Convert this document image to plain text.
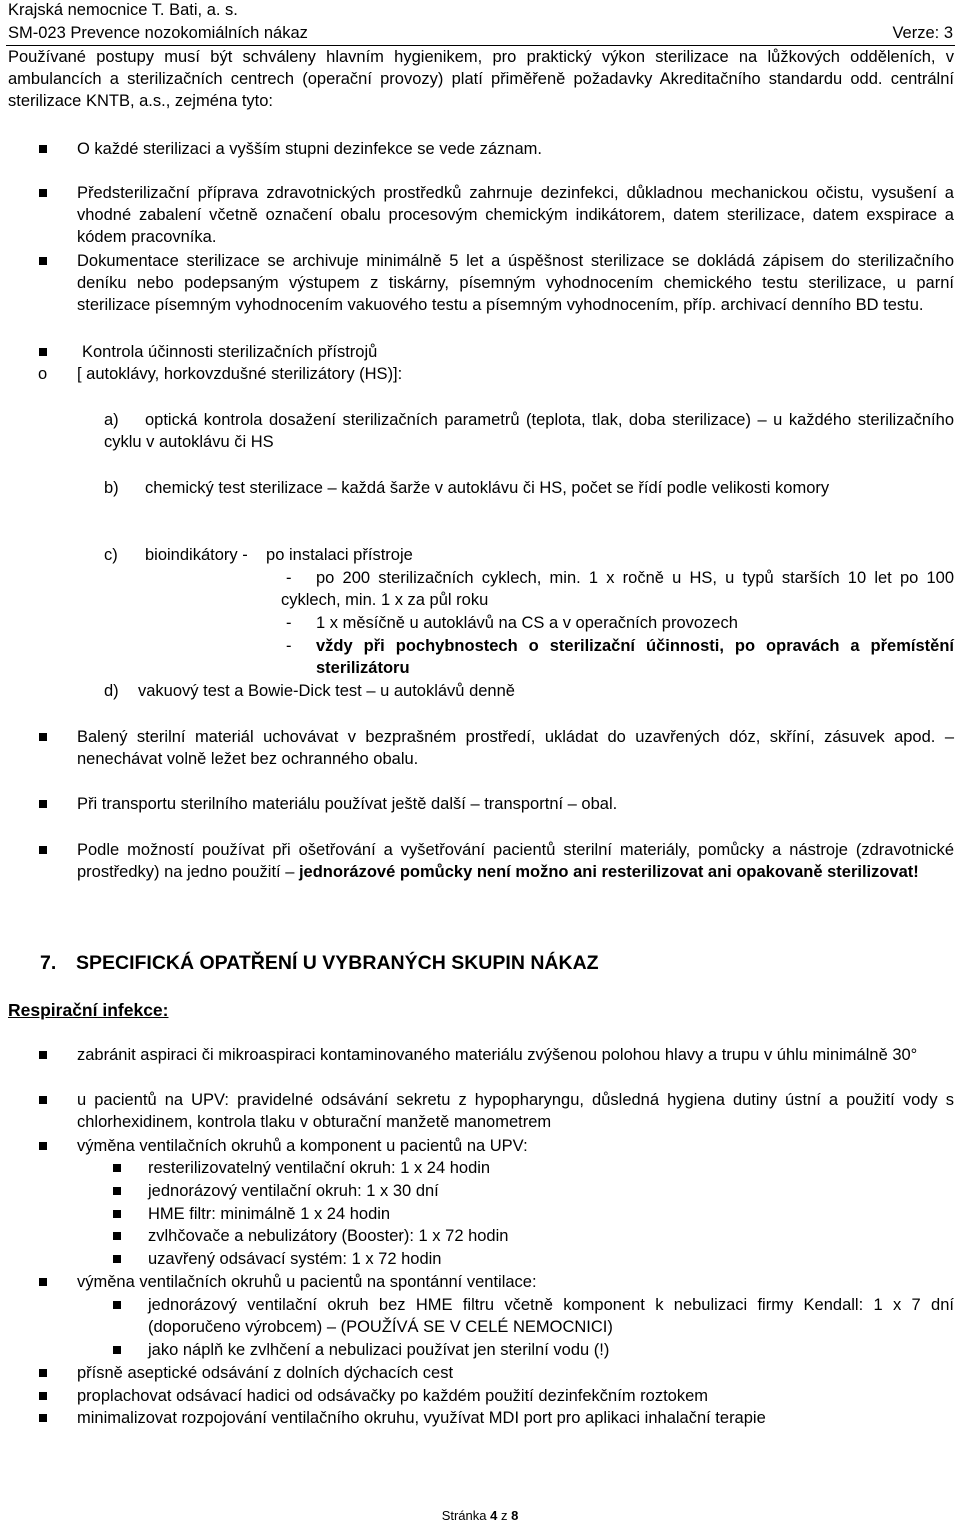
Krajská nemocnice T. Bati, a. s.
SM-023 Prevence nozokomiálních nákaz	Verze: 3
Používané postupy musí být schváleny hlavním hygienikem, pro praktický výkon sterilizace na lůžkových odděleních, v ambulancích a sterilizačních centrech (operační provozy) platí přiměřeně požadavky Akreditačního standardu odd. centrální sterilizace KNTB, a.s., zejména tyto:
O každé sterilizaci a vyšším stupni dezinfekce se vede záznam.
Předsterilizační příprava zdravotnických prostředků zahrnuje dezinfekci, důkladnou mechanickou očistu, vysušení a vhodné zabalení včetně označení obalu procesovým chemickým indikátorem, datem sterilizace, datem exspirace a kódem pracovníka.
Dokumentace sterilizace se archivuje minimálně 5 let a úspěšnost sterilizace se dokládá zápisem do sterilizačního deníku nebo podepsaným výstupem z tiskárny, písemným vyhodnocením chemického testu sterilizace, u parní sterilizace písemným vyhodnocením vakuového testu a písemným vyhodnocením, příp. archivací denního BD testu.
Kontrola účinnosti sterilizačních přístrojů
o [ autoklávy, horkovzdušné sterilizátory (HS)]:
a)	optická kontrola dosažení sterilizačních parametrů (teplota, tlak, doba sterilizace) – u každého sterilizačního cyklu v autoklávu či HS
b)	chemický test sterilizace – každá šarže v autoklávu či HS, počet se řídí podle velikosti komory
c) bioindikátory -    po instalaci přístroje
-	po 200 sterilizačních cyklech, min. 1 x ročně u HS, u typů starších 10 let po 100 cyklech, min. 1 x za půl roku
- 1 x měsíčně u autoklávů na CS a v operačních provozech
- vždy při pochybnostech o sterilizační účinnosti, po opravách a přemístění sterilizátoru
d) vakuový test a Bowie-Dick test – u autoklávů denně
Balený sterilní materiál uchovávat v bezprašném prostředí, ukládat do uzavřených dóz, skříní, zásuvek apod. – nenechávat volně ležet bez ochranného obalu.
Při transportu sterilního materiálu používat ještě další – transportní – obal.
Podle možností používat při ošetřování a vyšetřování pacientů sterilní materiály, pomůcky a nástroje (zdravotnické prostředky) na jedno použití – jednorázové pomůcky není možno ani resterilizovat ani opakovaně sterilizovat!
7. SPECIFICKÁ OPATŘENÍ U VYBRANÝCH SKUPIN NÁKAZ
Respirační infekce:
zabránit aspiraci či mikroaspiraci kontaminovaného materiálu zvýšenou polohou hlavy a trupu v úhlu minimálně 30°
u pacientů na UPV: pravidelné odsávání sekretu z hypopharyngu, důsledná hygiena dutiny ústní a použití vody s chlorhexidinem, kontrola tlaku v obturační manžetě manometrem
výměna ventilačních okruhů a komponent u pacientů na UPV:
resterilizovatelný ventilační okruh: 1 x 24 hodin
jednorázový ventilační okruh: 1 x 30 dní
HME filtr: minimálně 1 x 24 hodin
zvlhčovače a nebulizátory (Booster): 1 x 72 hodin
uzavřený odsávací systém: 1 x 72 hodin
výměna ventilačních okruhů u pacientů na spontánní ventilace:
jednorázový ventilační okruh bez HME filtru včetně komponent k nebulizaci firmy Kendall: 1 x 7 dní (doporučeno výrobcem) – (POUŽÍVÁ SE V CELÉ NEMOCNICI)
jako náplň ke zvlhčení a nebulizaci používat jen sterilní vodu (!)
přísně aseptické odsávání z dolních dýchacích cest
proplachovat odsávací hadici od odsávačky po každém použití dezinfekčním roztokem
minimalizovat rozpojování ventilačního okruhu, využívat MDI port pro aplikaci inhalační terapie
Stránka 4 z 8
